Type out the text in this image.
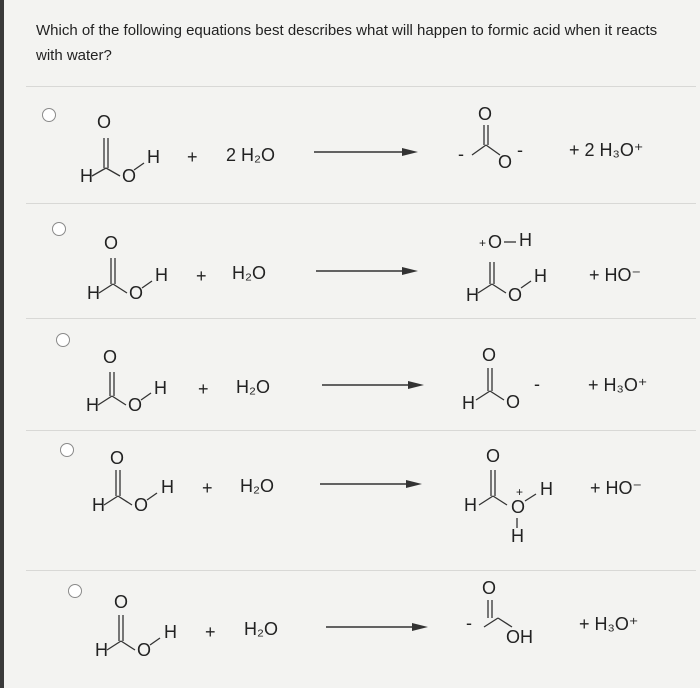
Which of the following equations best describes what will happen to formic acid when it reacts with water?
O
H O
H + 2 H₂O
O
- O
-	+ 2 H₃O⁺
O
H O
H + H₂O
+ O H
H O
H + HO⁻
O
H O
H + H₂O
O
H O
-	+ H₃O⁺
O
H O
H + H₂O
O
H
+
O
H
H
+ HO⁻
O
H O
H + H₂O
O
-
OH
+ H₃O⁺
